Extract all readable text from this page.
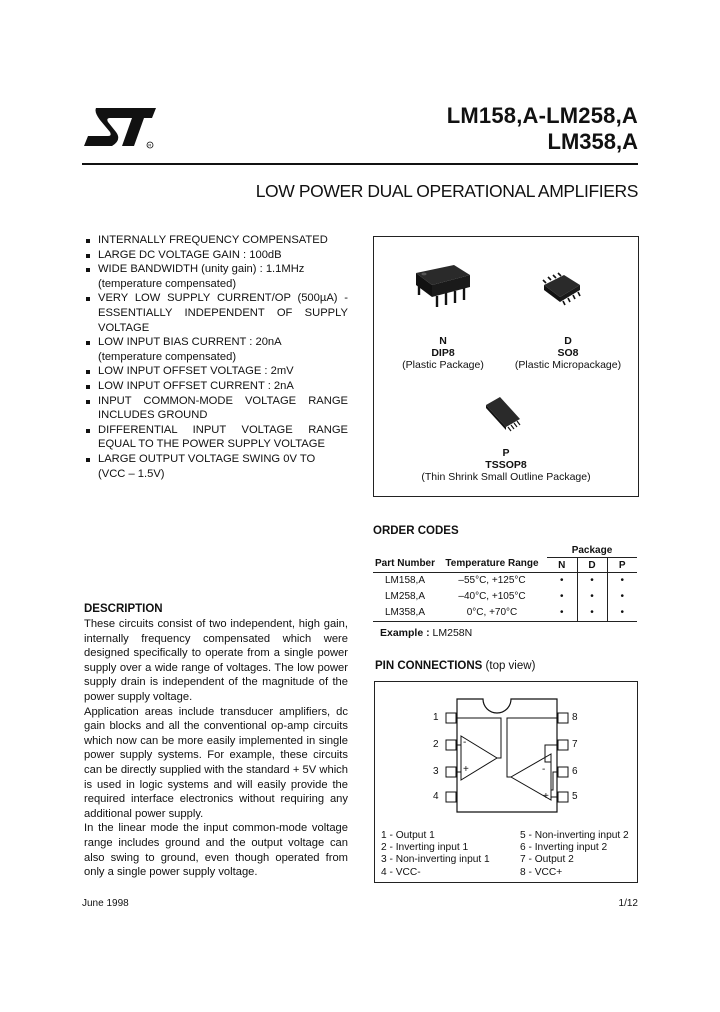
R
LM158,A-LM258,A
LM358,A
LOW POWER DUAL OPERATIONAL AMPLIFIERS
INTERNALLY FREQUENCY COMPENSATED
LARGE DC VOLTAGE GAIN : 100dB
WIDE BANDWIDTH (unity gain) : 1.1MHz
(temperature compensated)
VERY LOW SUPPLY CURRENT/OP (500µA) - ESSENTIALLY INDEPENDENT OF SUPPLY VOLTAGE
LOW INPUT BIAS CURRENT : 20nA
(temperature compensated)
LOW INPUT OFFSET VOLTAGE : 2mV
LOW INPUT OFFSET CURRENT : 2nA
INPUT COMMON-MODE VOLTAGE RANGE INCLUDES GROUND
DIFFERENTIAL INPUT VOLTAGE RANGE EQUAL TO THE POWER SUPPLY VOLTAGE
LARGE OUTPUT VOLTAGE SWING 0V TO
(VCC – 1.5V)
N
DIP8
(Plastic Package)
D
SO8
(Plastic Micropackage)
P
TSSOP8
(Thin Shrink Small Outline Package)
ORDER CODES
Part Number	Temperature Range	Package		
		N	D	P
LM158,A	–55°C, +125°C	•	•	•
LM258,A	–40°C, +105°C	•	•	•
LM358,A	0°C, +70°C	•	•	•
Example : LM258N
DESCRIPTION

These circuits consist of two independent, high gain, internally frequency compensated which were designed specifically to operate from a single power supply over a wide range of voltages. The low power supply drain is independent of the magnitude of the power supply voltage.

Application areas include transducer amplifiers, dc gain blocks and all the conventional op-amp circuits which now can be more easily implemented in single power supply systems. For example, these circuits can be directly supplied with the standard + 5V which is used in logic systems and will easily provide the required interface electronics without requiring any additional power supply.

In the linear mode the input common-mode voltage range includes ground and the output voltage can also swing to ground, even though operated from only a single power supply voltage.

PIN CONNECTIONS (top view)
-
+	-
+
1
2
3
4
8
7
6
5
1 - Output 1
2 - Inverting input 1
3 - Non-inverting input 1
4 - VCC-
5 - Non-inverting input 2
6 - Inverting input 2
7 - Output 2
8 - VCC+
June 1998	1/12
